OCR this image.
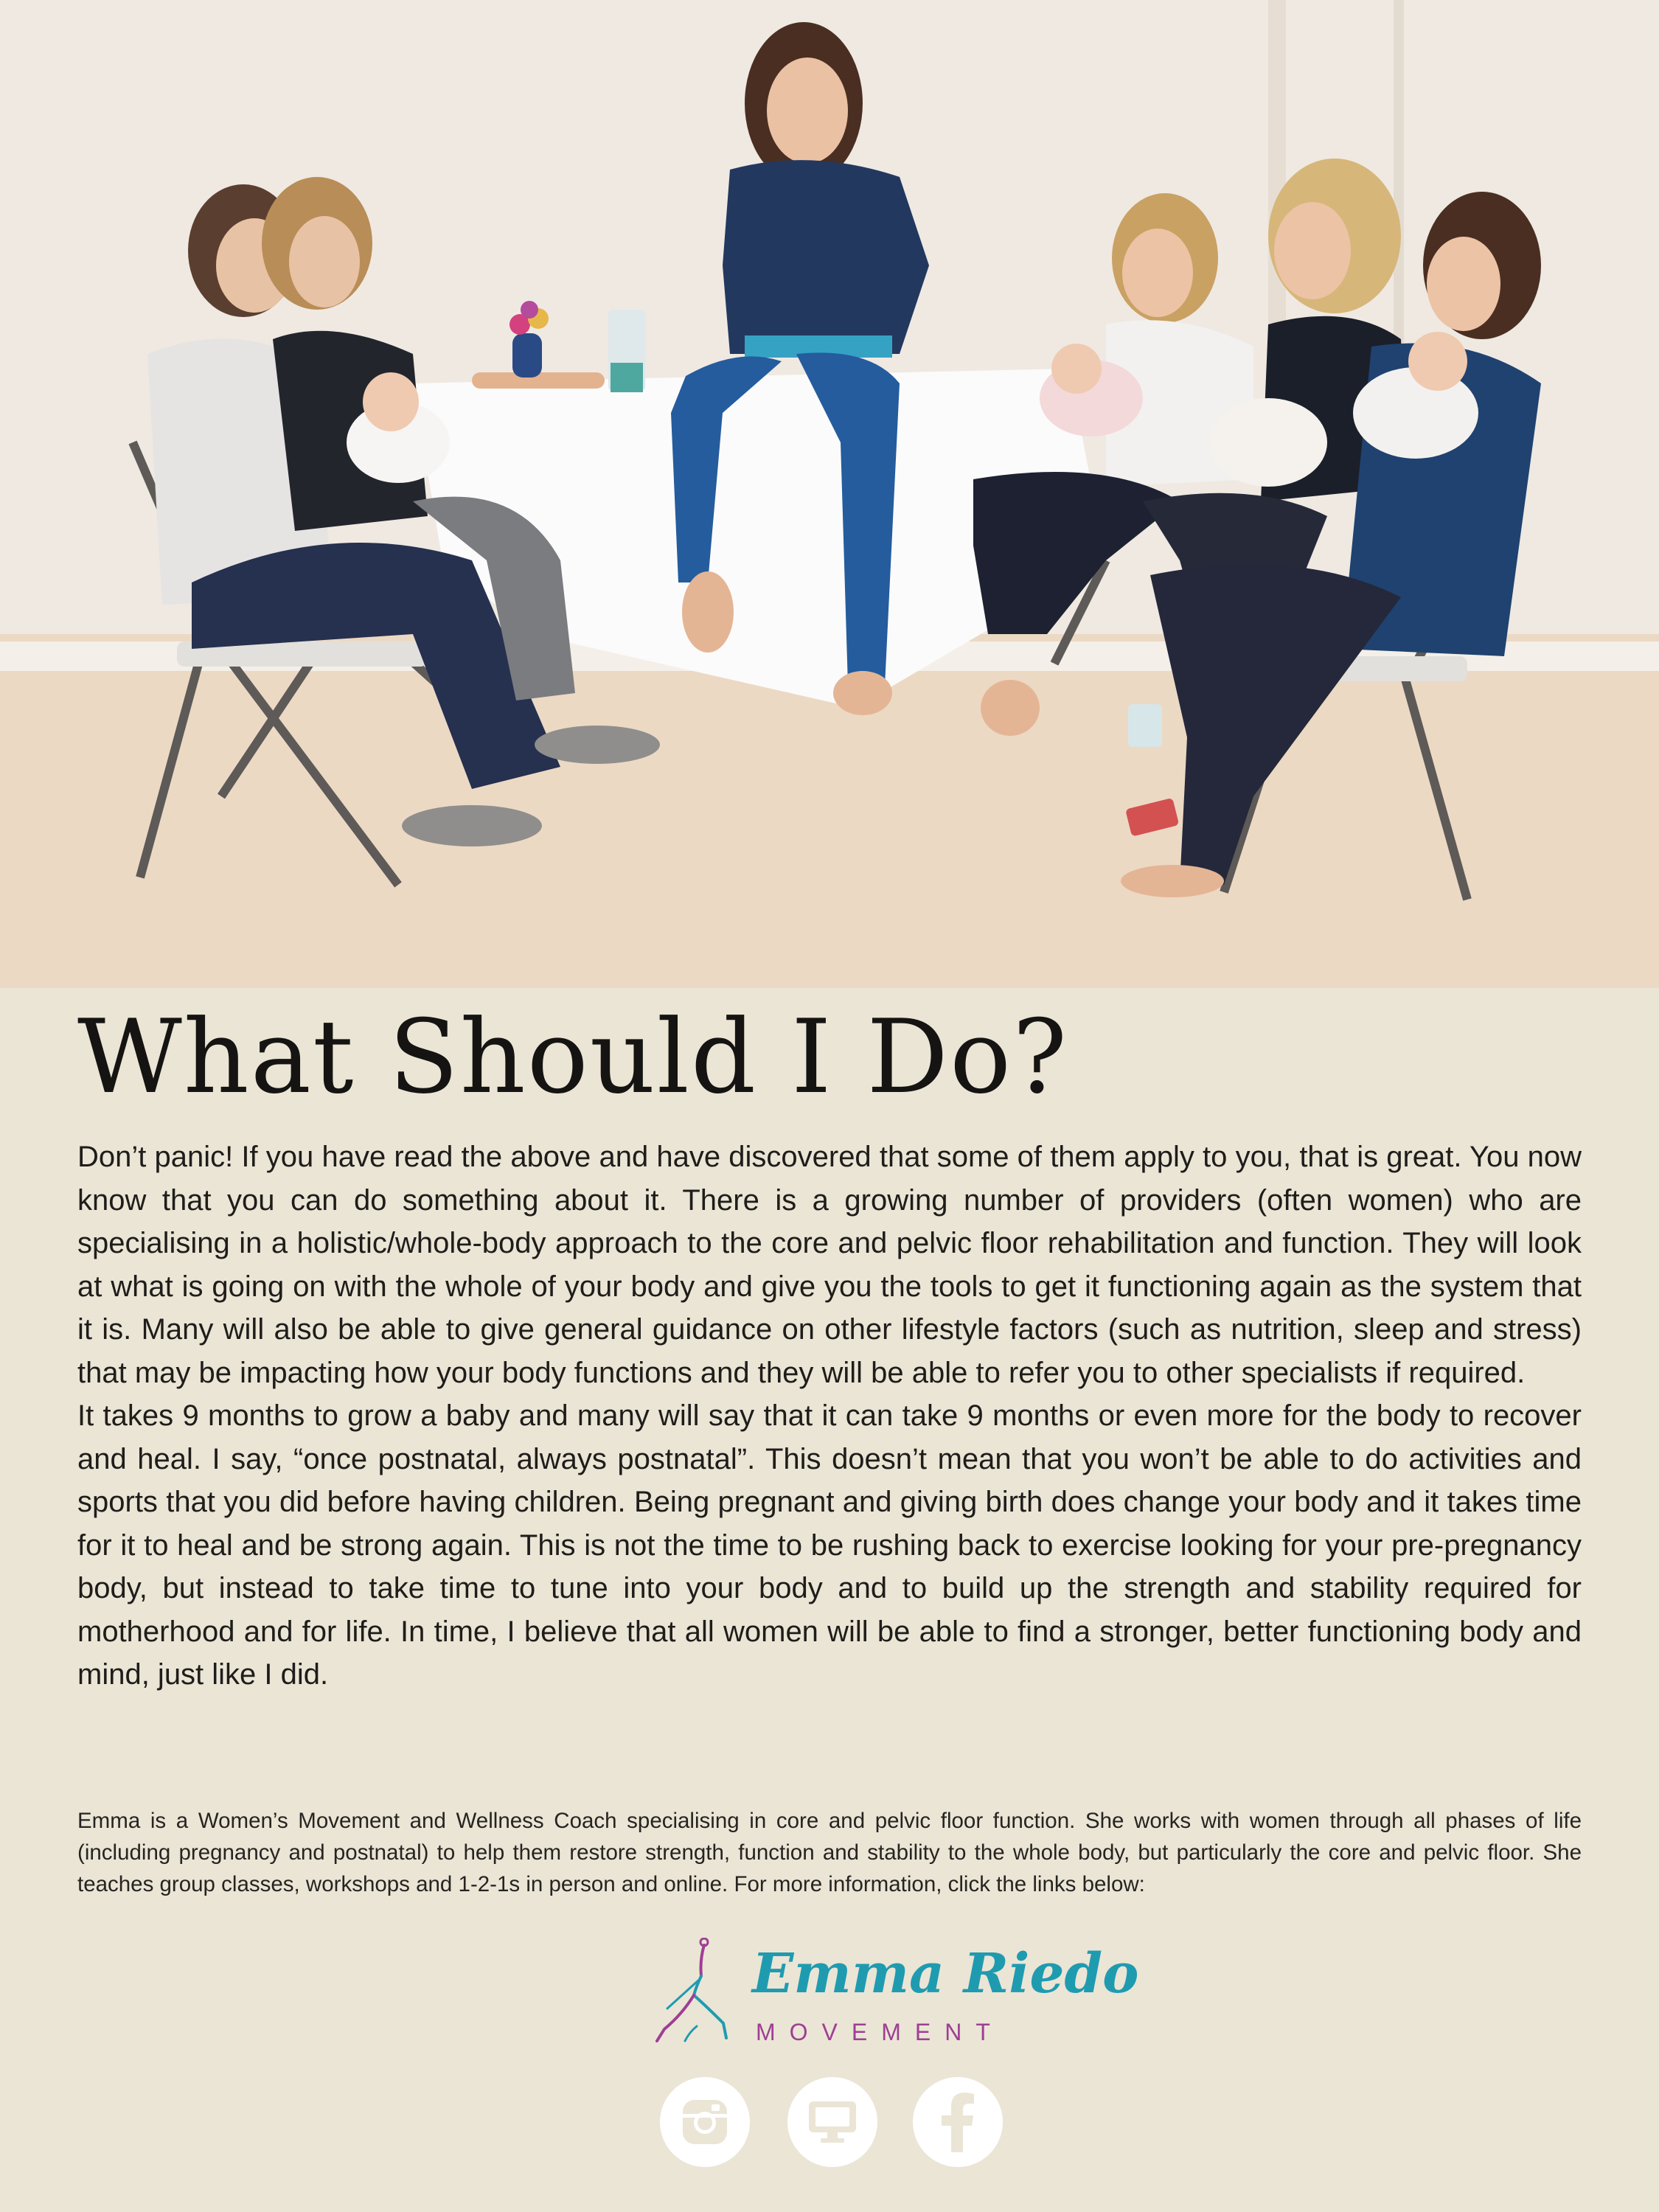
What Should I Do?

Don’t panic! If you have read the above and have discovered that some of them apply to you, that is great. You now know that you can do something about it. There is a growing number of providers (often women) who are specialising in a holistic/whole-body approach to the core and pelvic floor rehabilitation and function. They will look at what is going on with the whole of your body and give you the tools to get it functioning again as the system that it is. Many will also be able to give general guidance on other lifestyle factors (such as nutrition, sleep and stress) that may be impacting how your body functions and they will be able to refer you to other specialists if required.

It takes 9 months to grow a baby and many will say that it can take 9 months or even more for the body to recover and heal. I say, “once postnatal, always postnatal”. This doesn’t mean that you won’t be able to do activities and sports that you did before having children. Being pregnant and giving birth does change your body and it takes time for it to heal and be strong again. This is not the time to be rushing back to exercise looking for your pre-pregnancy body, but instead to take time to tune into your body and to build up the strength and stability required for motherhood and for life. In time, I believe that all women will be able to find a stronger, better functioning body and mind, just like I did.

Emma is a Women’s Movement and Wellness Coach specialising in core and pelvic floor function. She works with women through all phases of life (including pregnancy and postnatal) to help them restore strength, function and stability to the whole body, but particularly the core and pelvic floor. She teaches group classes, workshops and 1-2-1s in person and online. For more information, click the links below:

Emma Riedo
MOVEMENT
